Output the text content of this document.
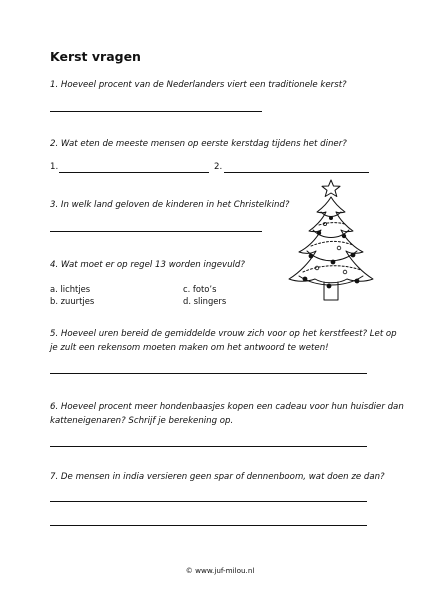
Kerst vragen
1. Hoeveel procent van de Nederlanders viert een traditionele kerst?
2. Wat eten de meeste mensen op eerste kerstdag tijdens het diner?
1.	2.
3. In welk land geloven de kinderen in het Christelkind?
4. Wat moet er op regel 13 worden ingevuld?
a. lichtjes
b. zuurtjes
c. foto’s
d. slingers
5. Hoeveel uren bereid de gemiddelde vrouw zich voor op het kerstfeest? Let op
je zult een rekensom moeten maken om het antwoord te weten!
6. Hoeveel procent meer hondenbaasjes kopen een cadeau voor hun huisdier dan
katteneigenaren? Schrijf je berekening op.
7. De mensen in india versieren geen spar of dennenboom, wat doen ze dan?
© www.juf-milou.nl
